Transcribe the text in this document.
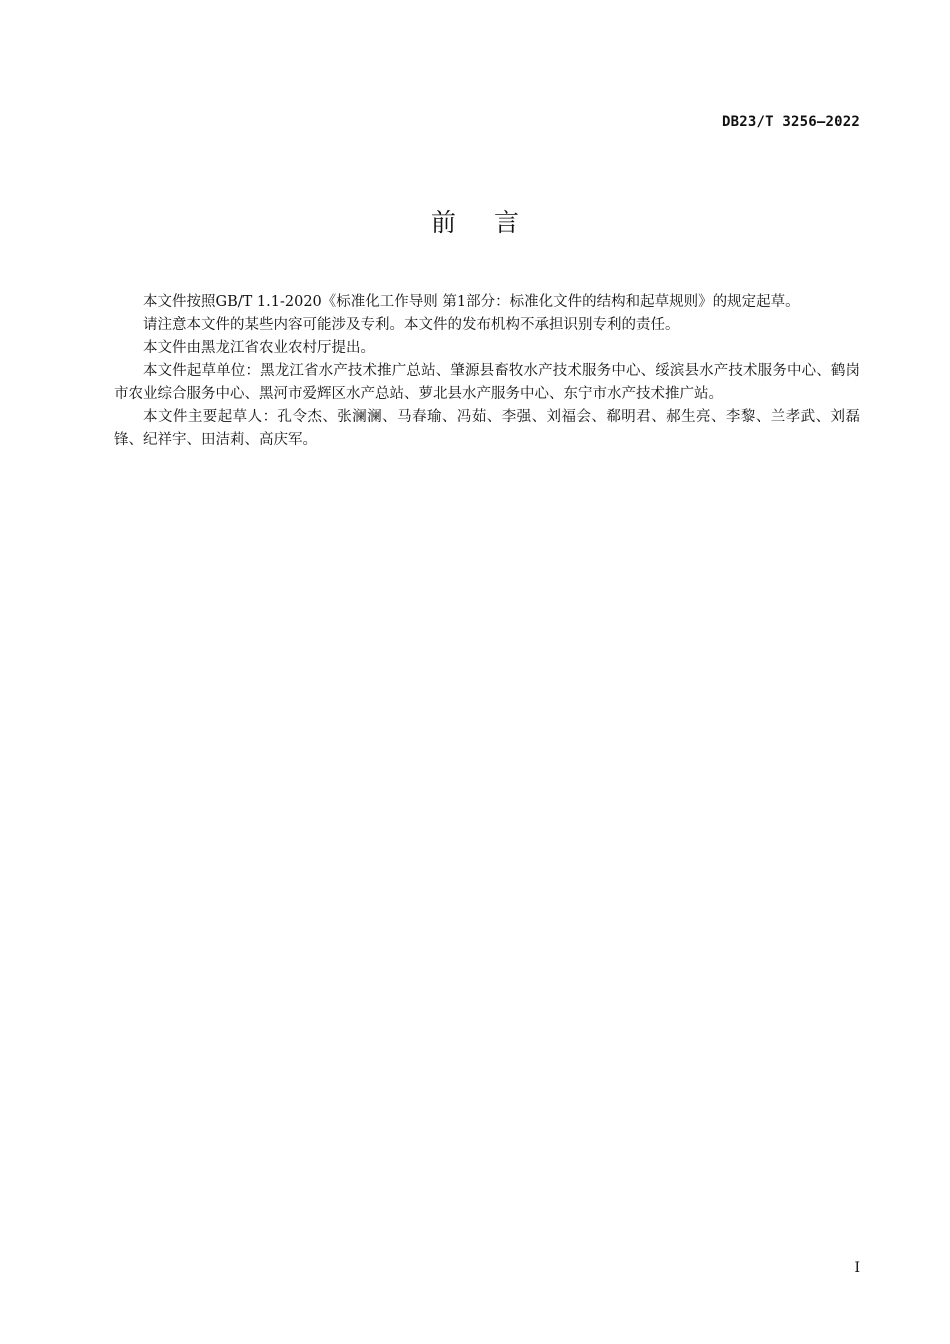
DB23/T 3256—2022
前言

本文件按照GB/T 1.1-2020《标准化工作导则 第1部分：标准化文件的结构和起草规则》的规定起草。

请注意本文件的某些内容可能涉及专利。本文件的发布机构不承担识别专利的责任。

本文件由黑龙江省农业农村厅提出。

本文件起草单位：黑龙江省水产技术推广总站、肇源县畜牧水产技术服务中心、绥滨县水产技术服务中心、鹤岗市农业综合服务中心、黑河市爱辉区水产总站、萝北县水产服务中心、东宁市水产技术推广站。

本文件主要起草人：孔令杰、张澜澜、马春瑜、冯茹、李强、刘福会、郗明君、郝生亮、李黎、兰孝武、刘磊锋、纪祥宇、田洁莉、高庆军。

I
